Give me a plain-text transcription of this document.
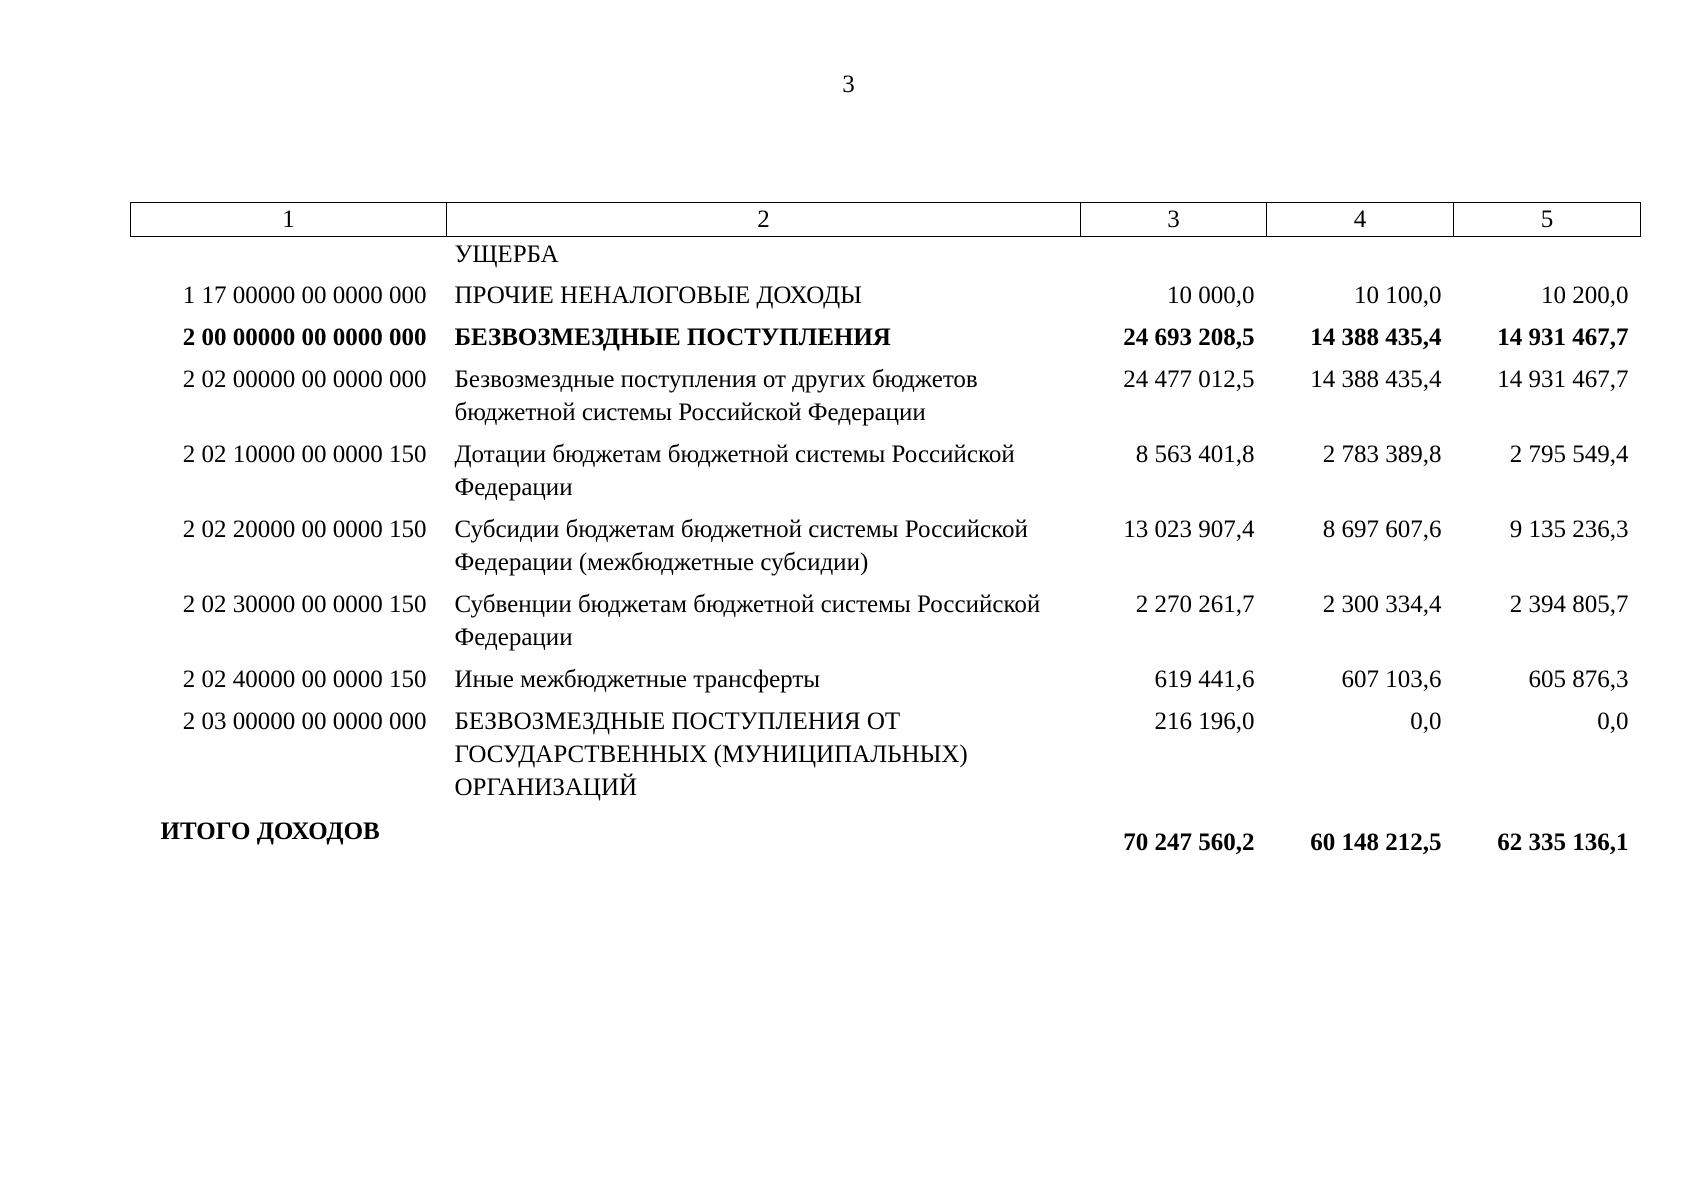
3
1	2	3	4	5
	УЩЕРБА			
1 17 00000 00 0000 000	ПРОЧИЕ НЕНАЛОГОВЫЕ ДОХОДЫ	10 000,0	10 100,0	10 200,0
2 00 00000 00 0000 000	БЕЗВОЗМЕЗДНЫЕ ПОСТУПЛЕНИЯ	24 693 208,5	14 388 435,4	14 931 467,7
2 02 00000 00 0000 000	Безвозмездные поступления от других бюджетов бюджетной системы Российской Федерации	24 477 012,5	14 388 435,4	14 931 467,7
2 02 10000 00 0000 150	Дотации бюджетам бюджетной системы Российской Федерации	8 563 401,8	2 783 389,8	2 795 549,4
2 02 20000 00 0000 150	Субсидии бюджетам бюджетной системы Российской Федерации (межбюджетные субсидии)	13 023 907,4	8 697 607,6	9 135 236,3
2 02 30000 00 0000 150	Субвенции бюджетам бюджетной системы Российской Федерации	2 270 261,7	2 300 334,4	2 394 805,7
2 02 40000 00 0000 150	Иные межбюджетные трансферты	619 441,6	607 103,6	605 876,3
2 03 00000 00 0000 000	БЕЗВОЗМЕЗДНЫЕ ПОСТУПЛЕНИЯ ОТ ГОСУДАРСТВЕННЫХ (МУНИЦИПАЛЬНЫХ) ОРГАНИЗАЦИЙ	216 196,0	0,0	0,0
ИТОГО ДОХОДОВ		70 247 560,2	60 148 212,5	62 335 136,1
